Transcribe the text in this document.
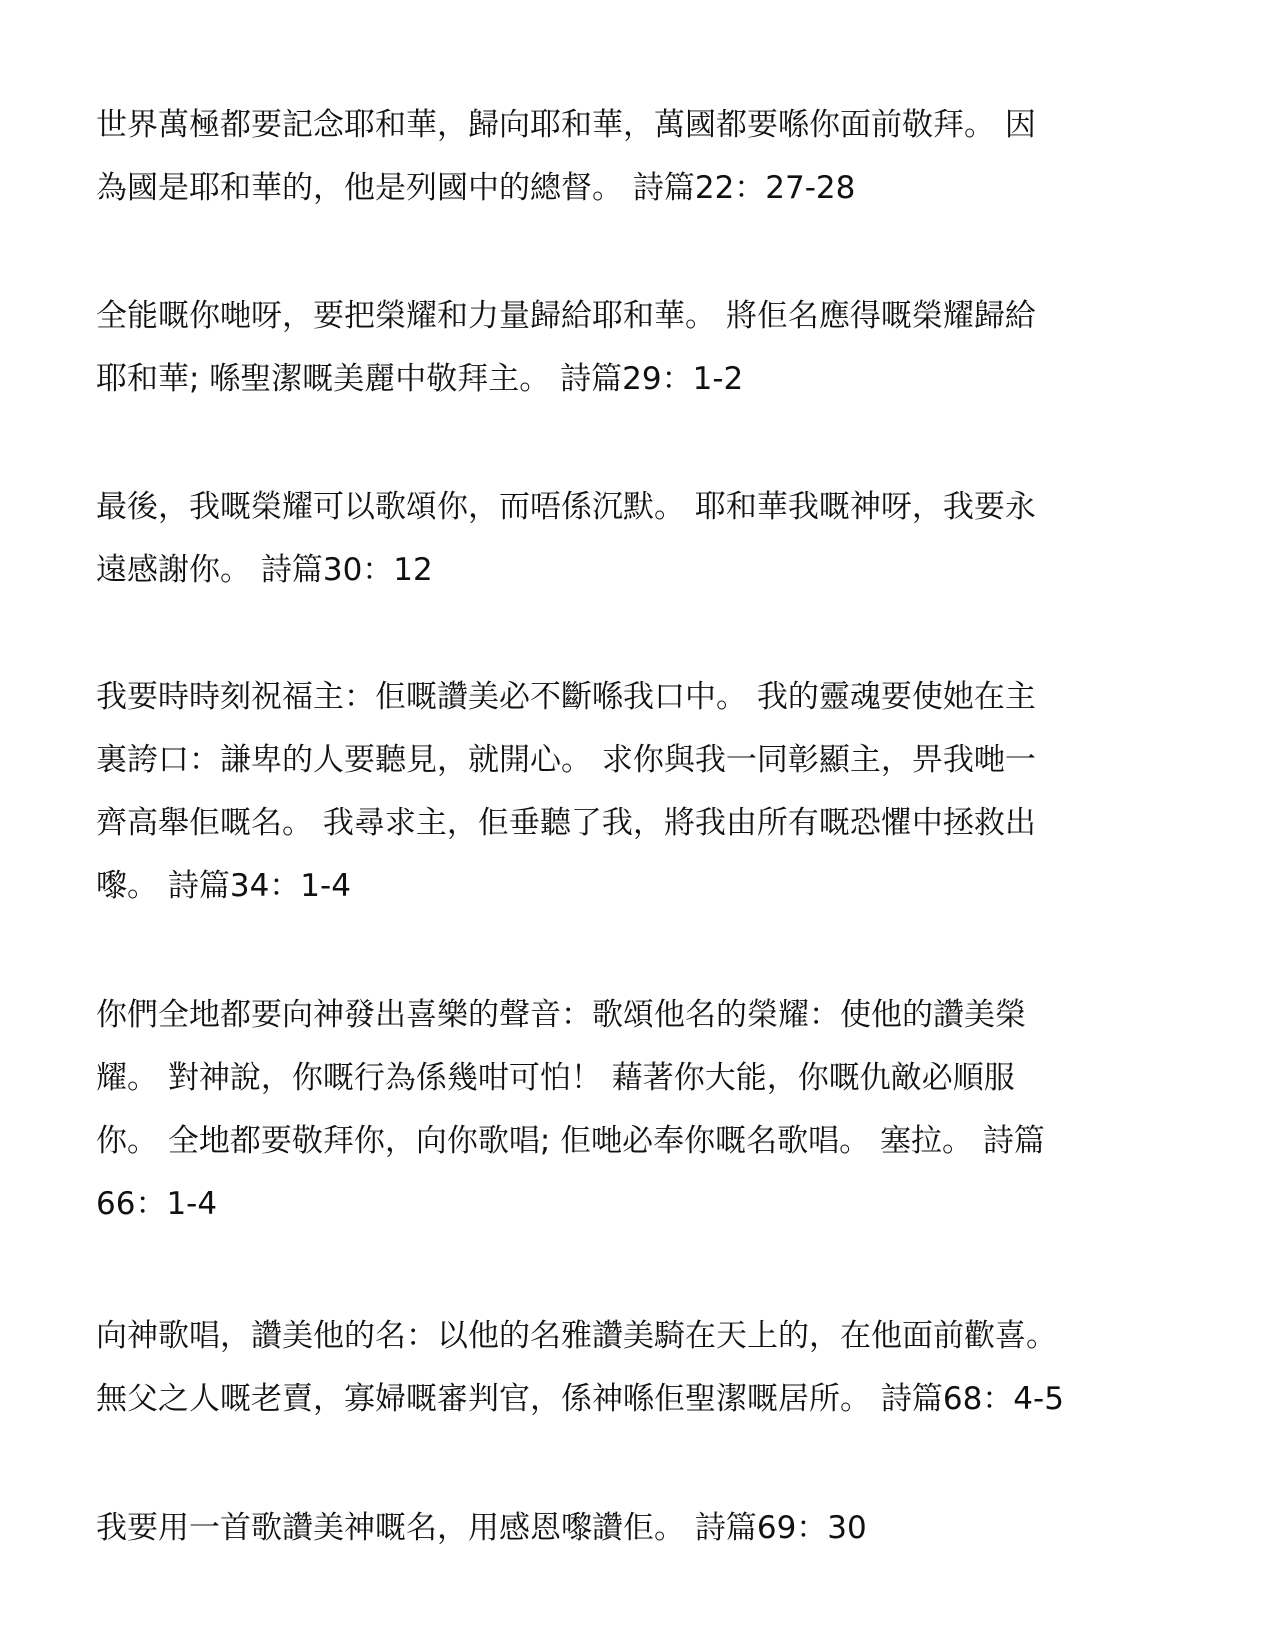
世界萬極都要記念耶和華，歸向耶和華，萬國都要喺你面前敬拜。 因
為國是耶和華的，他是列國中的總督。 詩篇22：27-28
全能嘅你哋呀，要把榮耀和力量歸給耶和華。 將佢名應得嘅榮耀歸給
耶和華; 喺聖潔嘅美麗中敬拜主。 詩篇29：1-2
最後，我嘅榮耀可以歌頌你，而唔係沉默。 耶和華我嘅神呀，我要永
遠感謝你。 詩篇30：12
我要時時刻祝福主：佢嘅讚美必不斷喺我口中。 我的靈魂要使她在主
裏誇口：謙卑的人要聽見，就開心。 求你與我一同彰顯主，畀我哋一
齊高舉佢嘅名。 我尋求主，佢垂聽了我，將我由所有嘅恐懼中拯救出
嚟。 詩篇34：1-4
你們全地都要向神發出喜樂的聲音：歌頌他名的榮耀：使他的讚美榮
耀。 對神說，你嘅行為係幾咁可怕！ 藉著你大能，你嘅仇敵必順服
你。 全地都要敬拜你，向你歌唱; 佢哋必奉你嘅名歌唱。 塞拉。 詩篇
66：1-4
向神歌唱，讚美他的名：以他的名雅讚美騎在天上的，在他面前歡喜。
無父之人嘅老賣，寡婦嘅審判官，係神喺佢聖潔嘅居所。 詩篇68：4-5
我要用一首歌讚美神嘅名，用感恩嚟讚佢。 詩篇69：30
